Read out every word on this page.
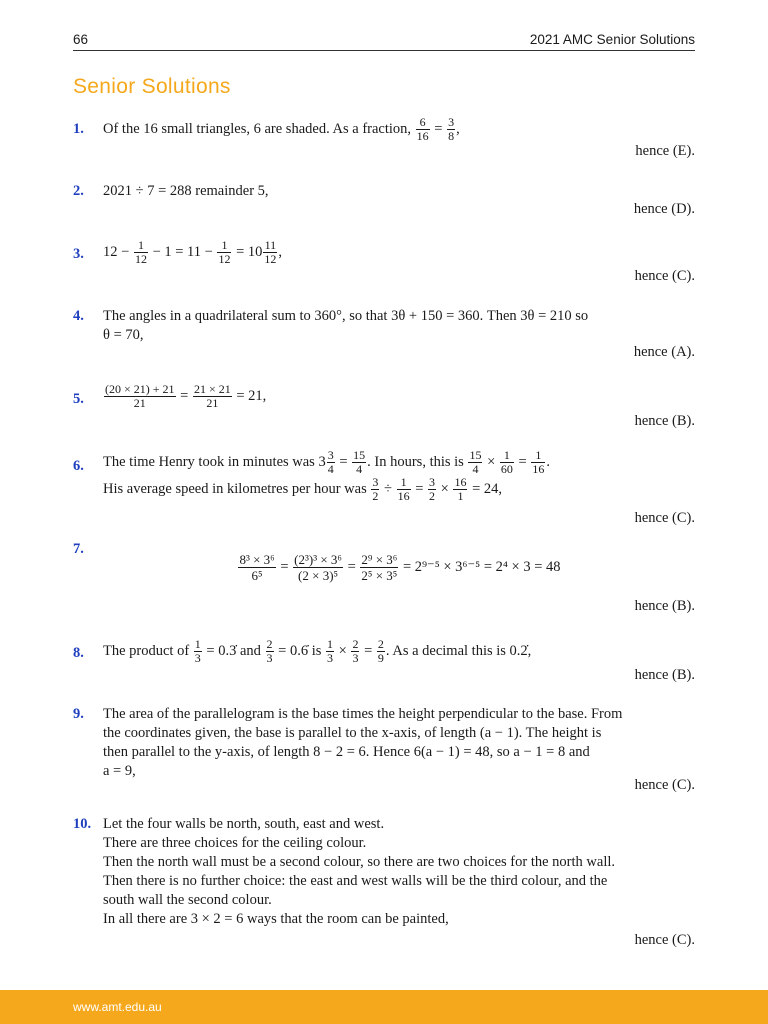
66	2021 AMC Senior Solutions
Senior Solutions
1. Of the 16 small triangles, 6 are shaded. As a fraction, $\frac{6}{16} = \frac{3}{8}$ ,
hence (E).
2. 2021 ÷ 7 = 288 remainder 5,
hence (D).
3. $12 - \frac{1}{12} - 1 = 11 - \frac{1}{12} = 10 \frac{11}{12}$ ,
hence (C).
4. The angles in a quadrilateral sum to 360°, so that 3θ + 150 = 360. Then 3θ = 210 so
θ = 70,
hence (A).
5. $\frac{(20 \times 21) + 21}{21} = \frac{21 \times 21}{21} = 21$,
hence (B).
6. The time Henry took in minutes was $3 \frac{3}{4} = \frac{15}{4}$ . In hours, this is $\frac{15}{4} \times \frac{1}{60} = \frac{1}{16}$ .
His average speed in kilometres per hour was $\frac{3}{2} \div \frac{1}{16} = \frac{3}{2} \times \frac{16}{1} = 24$,
hence (C).
7.
$\frac{\text{8³ × 3⁶}}{\text{6⁵}} = \frac{\text{(2³)³ × 3⁶}}{\text{(2 × 3)⁵}} = \frac{\text{2⁹ × 3⁶}}{\text{2⁵ × 3⁵}} = 2^{9-5} \times 3^{6-5} = 2^4 \times 3 = 48$
hence (B).
8. The product of $\frac{1}{3}$ = 0.3̇ and $\frac{2}{3}$ = 0.6̇ is $\frac{1}{3} \times \frac{2}{3} = \frac{2}{9}$ . As a decimal this is 0.2̇,
hence (B).
9. The area of the parallelogram is the base times the height perpendicular to the base. From
the coordinates given, the base is parallel to the x-axis, of length (a − 1). The height is
then parallel to the y-axis, of length 8 − 2 = 6. Hence 6(a − 1) = 48, so a − 1 = 8 and
a = 9,
hence (C).
10. Let the four walls be north, south, east and west.
There are three choices for the ceiling colour.
Then the north wall must be a second colour, so there are two choices for the north wall.
Then there is no further choice: the east and west walls will be the third colour, and the
south wall the second colour.
In all there are 3 × 2 = 6 ways that the room can be painted,
hence (C).
www.amt.edu.au
